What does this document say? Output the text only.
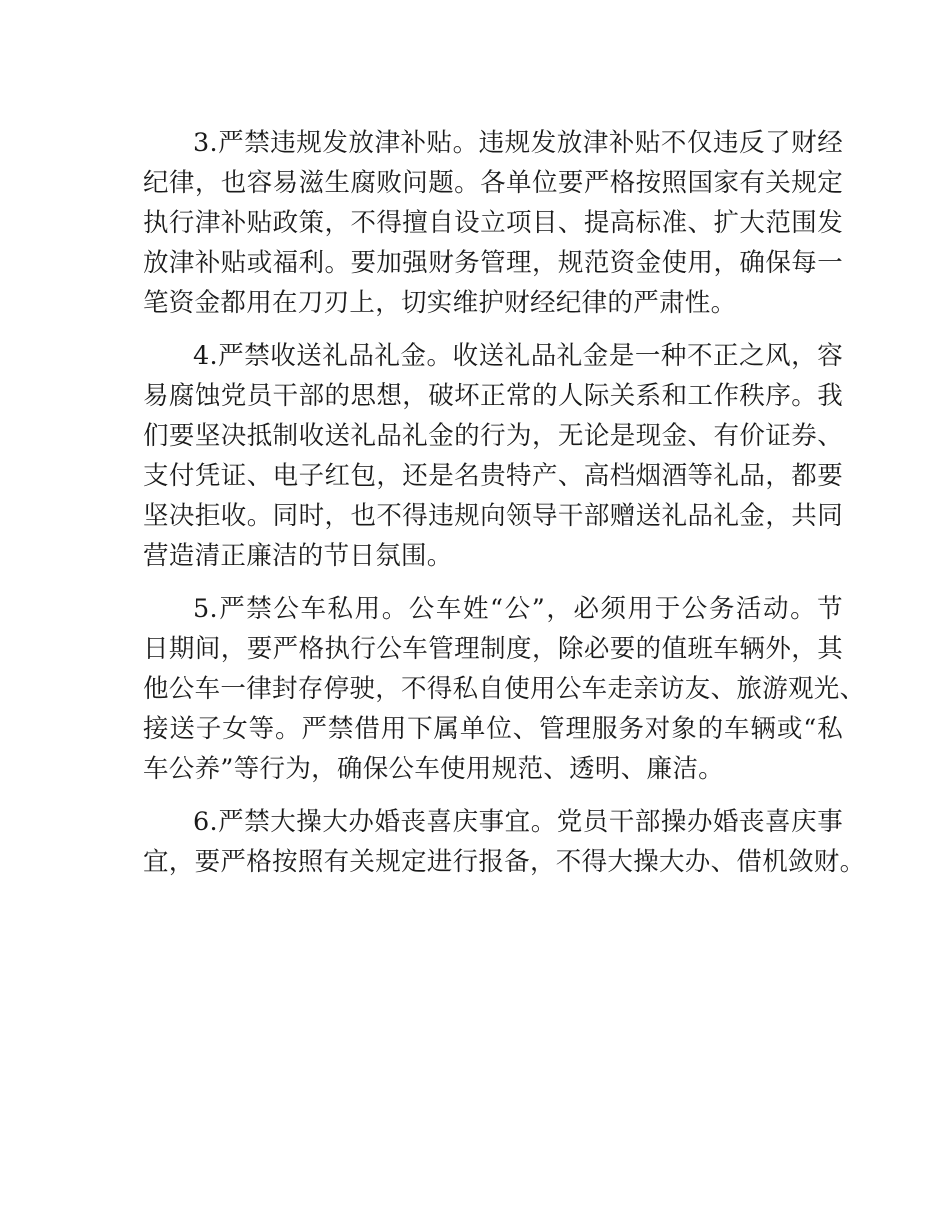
3.严禁违规发放津补贴。违规发放津补贴不仅违反了财经
纪律，也容易滋生腐败问题。各单位要严格按照国家有关规定
执行津补贴政策，不得擅自设立项目、提高标准、扩大范围发
放津补贴或福利。要加强财务管理，规范资金使用，确保每一
笔资金都用在刀刃上，切实维护财经纪律的严肃性。
4.严禁收送礼品礼金。收送礼品礼金是一种不正之风，容
易腐蚀党员干部的思想，破坏正常的人际关系和工作秩序。我
们要坚决抵制收送礼品礼金的行为，无论是现金、有价证券、
支付凭证、电子红包，还是名贵特产、高档烟酒等礼品，都要
坚决拒收。同时，也不得违规向领导干部赠送礼品礼金，共同
营造清正廉洁的节日氛围。
5.严禁公车私用。公车姓“公”，必须用于公务活动。节
日期间，要严格执行公车管理制度，除必要的值班车辆外，其
他公车一律封存停驶，不得私自使用公车走亲访友、旅游观光、
接送子女等。严禁借用下属单位、管理服务对象的车辆或“私
车公养”等行为，确保公车使用规范、透明、廉洁。
6.严禁大操大办婚丧喜庆事宜。党员干部操办婚丧喜庆事
宜，要严格按照有关规定进行报备，不得大操大办、借机敛财。
